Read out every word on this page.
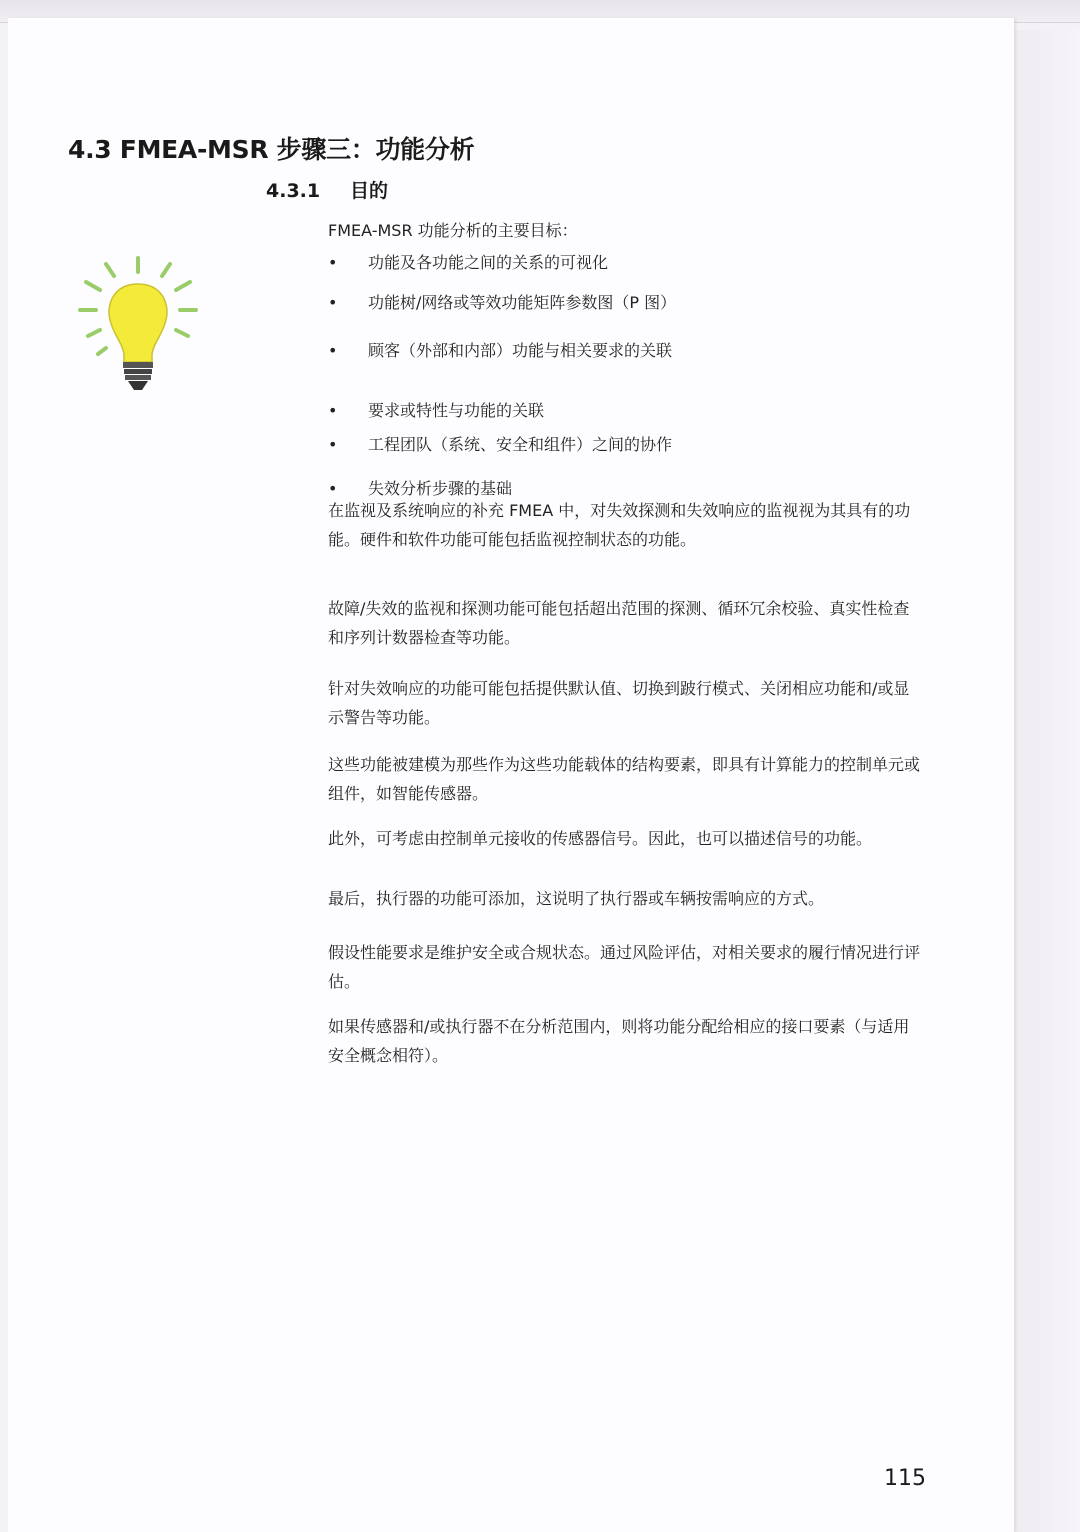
4.3 FMEA-MSR 步骤三：功能分析
4.3.1 目的
FMEA-MSR 功能分析的主要目标：
• 功能及各功能之间的关系的可视化
• 功能树/网络或等效功能矩阵参数图（P 图）
• 顾客（外部和内部）功能与相关要求的关联
• 要求或特性与功能的关联
• 工程团队（系统、安全和组件）之间的协作
• 失效分析步骤的基础
在监视及系统响应的补充 FMEA 中，对失效探测和失效响应的监视视为其具有的功能。硬件和软件功能可能包括监视控制状态的功能。
故障/失效的监视和探测功能可能包括超出范围的探测、循环冗余校验、真实性检查和序列计数器检查等功能。
针对失效响应的功能可能包括提供默认值、切换到跛行模式、关闭相应功能和/或显示警告等功能。
这些功能被建模为那些作为这些功能载体的结构要素，即具有计算能力的控制单元或组件，如智能传感器。
此外，可考虑由控制单元接收的传感器信号。因此，也可以描述信号的功能。
最后，执行器的功能可添加，这说明了执行器或车辆按需响应的方式。
假设性能要求是维护安全或合规状态。通过风险评估，对相关要求的履行情况进行评估。
如果传感器和/或执行器不在分析范围内，则将功能分配给相应的接口要素（与适用安全概念相符）。
115
